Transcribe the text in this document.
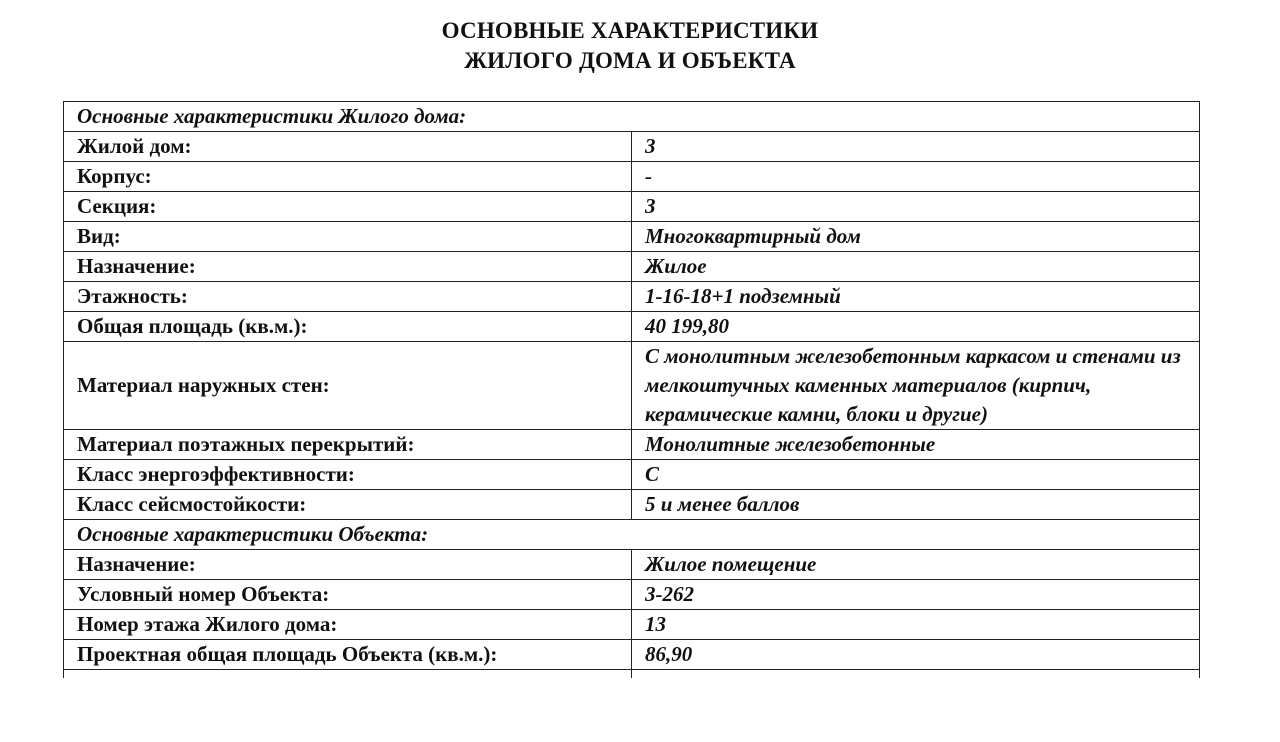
ОСНОВНЫЕ ХАРАКТЕРИСТИКИ
ЖИЛОГО ДОМА И ОБЪЕКТА
Основные характеристики Жилого дома:	
Жилой дом:	3
Корпус:	-
Секция:	3
Вид:	Многоквартирный дом
Назначение:	Жилое
Этажность:	1-16-18+1 подземный
Общая площадь (кв.м.):	40 199,80
Материал наружных стен:	С монолитным железобетонным каркасом и стенами из мелкоштучных каменных материалов (кирпич, керамические камни, блоки и другие)
Материал поэтажных перекрытий:	Монолитные железобетонные
Класс энергоэффективности:	С
Класс сейсмостойкости:	5 и менее баллов
Основные характеристики Объекта:	
Назначение:	Жилое помещение
Условный номер Объекта:	3-262
Номер этажа Жилого дома:	13
Проектная общая площадь Объекта (кв.м.):	86,90
